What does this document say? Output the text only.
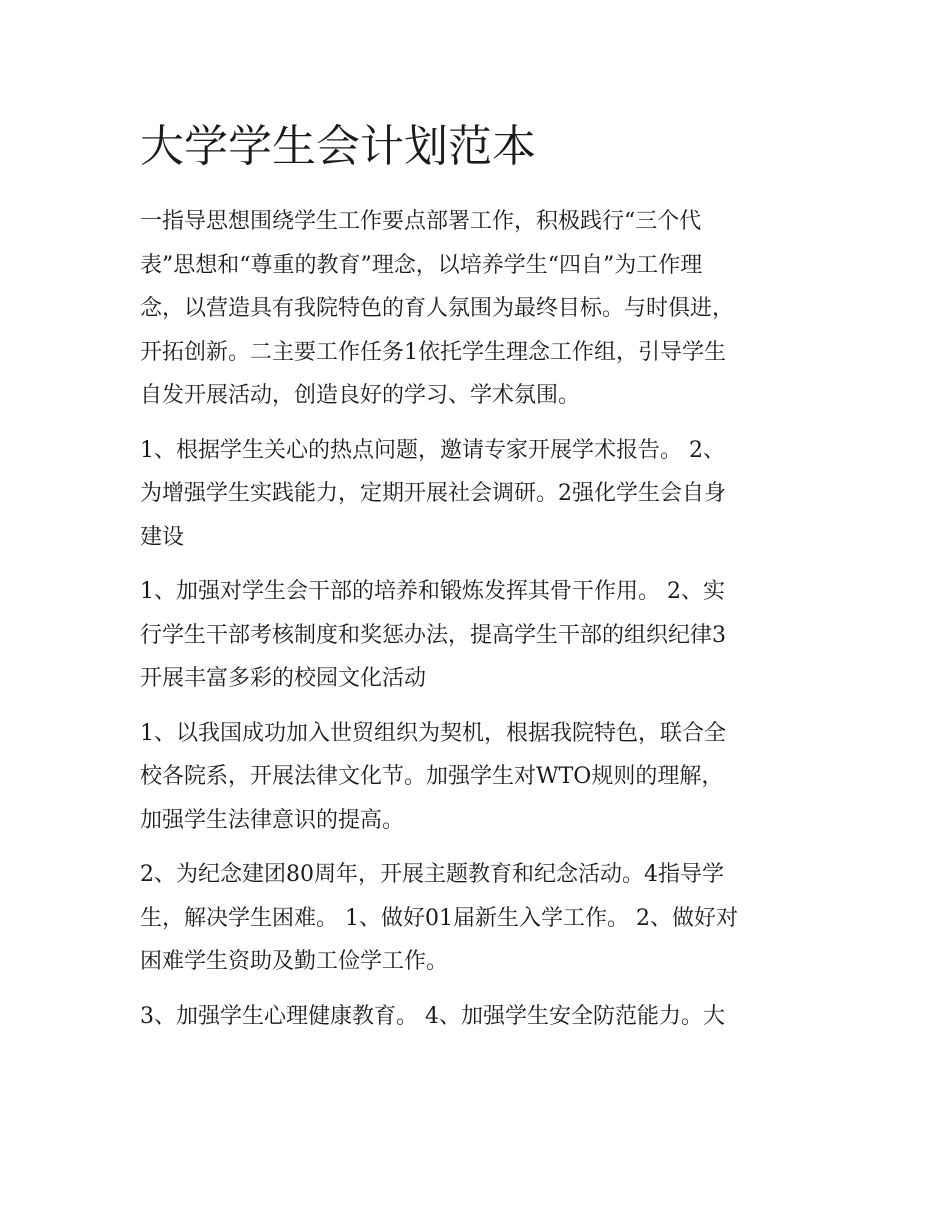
大学学生会计划范本

一指导思想围绕学生工作要点部署工作，积极践行“三个代
表”思想和“尊重的教育”理念，以培养学生“四自”为工作理
念，以营造具有我院特色的育人氛围为最终目标。与时俱进，
开拓创新。二主要工作任务1依托学生理念工作组，引导学生
自发开展活动，创造良好的学习、学术氛围。

1、根据学生关心的热点问题，邀请专家开展学术报告。 2、
为增强学生实践能力，定期开展社会调研。2强化学生会自身
建设

1、加强对学生会干部的培养和锻炼发挥其骨干作用。 2、实
行学生干部考核制度和奖惩办法，提高学生干部的组织纪律3
开展丰富多彩的校园文化活动

1、以我国成功加入世贸组织为契机，根据我院特色，联合全
校各院系，开展法律文化节。加强学生对WTO规则的理解，
加强学生法律意识的提高。

2、为纪念建团80周年，开展主题教育和纪念活动。4指导学
生，解决学生困难。 1、做好01届新生入学工作。 2、做好对
困难学生资助及勤工俭学工作。

3、加强学生心理健康教育。 4、加强学生安全防范能力。大
